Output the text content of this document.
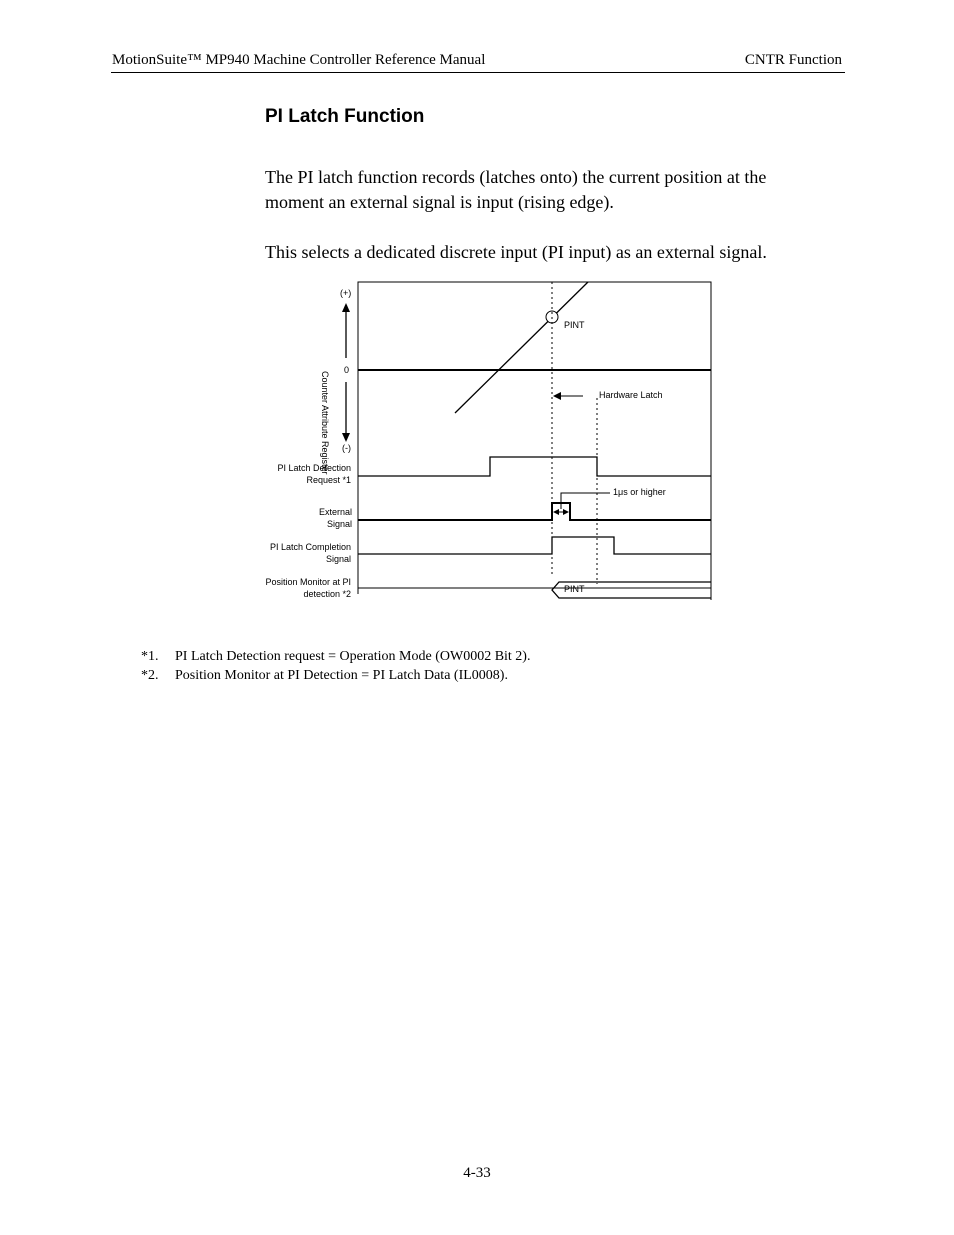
MotionSuite™ MP940 Machine Controller Reference Manual	CNTR Function
PI Latch Function
The PI latch function records (latches onto) the current position at the moment an external signal is input (rising edge).
This selects a dedicated discrete input (PI input) as an external signal.
(+)
0
(-)
Counter Attribute Register
PINT
Hardware Latch
1μs or higher
PI Latch Detection
Request *1
External
Signal
PI Latch Completion
Signal
Position Monitor at PI
detection *2	PINT
*1. PI Latch Detection request = Operation Mode (OW0002 Bit 2).
*2. Position Monitor at PI Detection = PI Latch Data (IL0008).
4-33
